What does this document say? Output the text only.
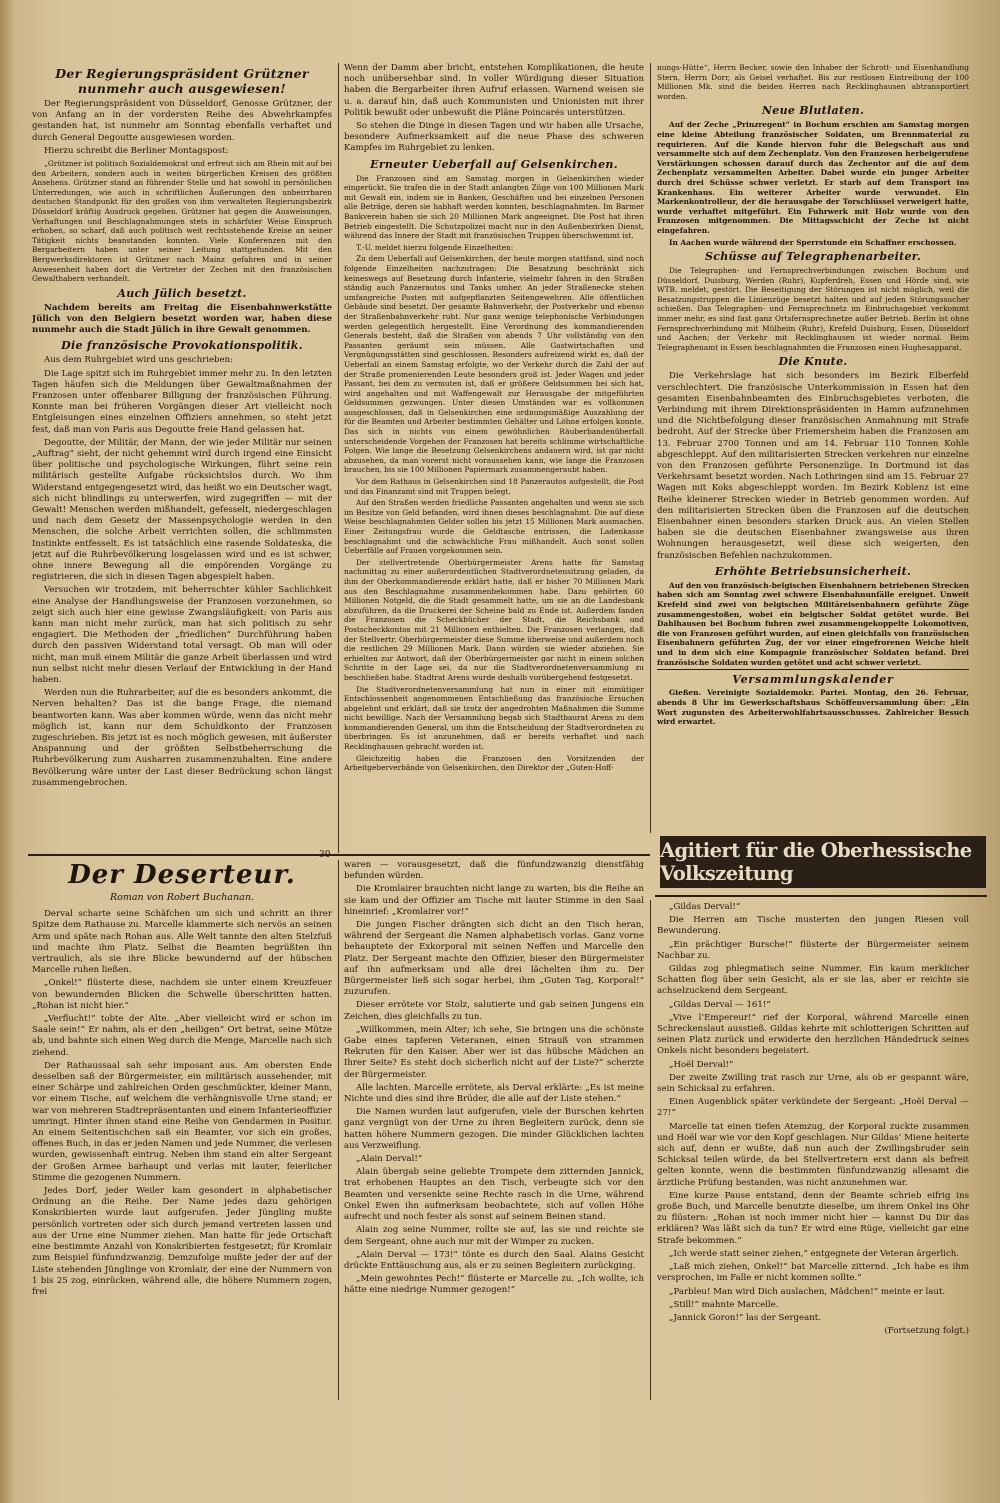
Der Regierungspräsident Grützner nunmehr auch ausgewiesen!

Der Regierungspräsident von Düsseldorf, Genosse Grützner, der von Anfang an in der vordersten Reihe des Abwehrkampfes gestanden hat, ist nunmehr am Sonntag ebenfalls verhaftet und durch General Degoutte ausgewiesen worden.

Hierzu schreibt die Berliner Montagspost:

„Grützner ist politisch Sozialdemokrat und erfreut sich am Rhein mit auf bei den Arbeitern, sondern auch in weiten bürgerlichen Kreisen des größten Ansehens. Grützner stand an führender Stelle und hat sowohl in persönlichen Unterredungen, wie auch in schriftlichen Äußerungen den unbeirrbaren deutschen Standpunkt für den großen von ihm verwalteten Regierungsbezirk Düsseldorf kräftig Ausdruck gegeben. Grützner hat gegen die Ausweisungen, Verhaftungen und Beschlagnahmungen stets in schärfster Weise Einspruch erhoben, so scharf, daß auch politisch weit rechtsstehende Kreise an seiner Tätigkeit nichts beanstanden konnten. Viele Konferenzen mit den Bergarbeitern haben unter seiner Leitung stattgefunden. Mit den Bergwerksdirektoren ist Grützner nach Mainz gefahren und in seiner Anwesenheit haben dort die Vertreter der Zechen mit den französischen Gewalthabern verhandelt.

Auch Jülich besetzt.

Nachdem bereits am Freitag die Eisenbahnwerkstätte Jülich von den Belgiern besetzt worden war, haben diese nunmehr auch die Stadt Jülich in ihre Gewalt genommen.

Die französische Provokationspolitik.

Aus dem Ruhrgebiet wird uns geschrieben:

Die Lage spitzt sich im Ruhrgebiet immer mehr zu. In den letzten Tagen häufen sich die Meldungen über Gewaltmaßnahmen der Franzosen unter offenbarer Billigung der französischen Führung. Konnte man bei früheren Vorgängen dieser Art vielleicht noch Entgleisungen eines einzelnen Offiziers annehmen, so steht jetzt fest, daß man von Paris aus Degoutte freie Hand gelassen hat.

Degoutte, der Militär, der Mann, der wie jeder Militär nur seinen „Auftrag“ sieht, der nicht gehemmt wird durch irgend eine Einsicht über politische und psychologische Wirkungen, führt seine rein militärisch gestellte Aufgabe rücksichtslos durch. Wo ihm Widerstand entgegengesetzt wird, das heißt wo ein Deutscher wagt, sich nicht blindlings zu unterwerfen, wird zugegriffen — mit der Gewalt! Menschen werden mißhandelt, gefesselt, niedergeschlagen und nach dem Gesetz der Massenpsychologie werden in den Menschen, die solche Arbeit verrichten sollen, die schlimmsten Instinkte entfesselt. Es ist tatsächlich eine rasende Soldateska, die jetzt auf die Ruhrbevölkerung losgelassen wird und es ist schwer, ohne innere Bewegung all die empörenden Vorgänge zu registrieren, die sich in diesen Tagen abgespielt haben.

Versuchen wir trotzdem, mit beherrschter kühler Sachlichkeit eine Analyse der Handlungsweise der Franzosen vorzunehmen, so zeigt sich auch hier eine gewisse Zwangsläufigkeit: von Paris aus kann man nicht mehr zurück, man hat sich politisch zu sehr engagiert. Die Methoden der „friedlichen“ Durchführung haben durch den passiven Widerstand total versagt. Ob man will oder nicht, man muß einem Militär die ganze Arbeit überlassen und wird nun selbst nicht mehr diesen Verlauf der Entwicklung in der Hand haben.

Werden nun die Ruhrarbeiter, auf die es besonders ankommt, die Nerven behalten? Das ist die bange Frage, die niemand beantworten kann. Was aber kommen würde, wenn das nicht mehr möglich ist, kann nur dem Schuldkonto der Franzosen zugeschrieben. Bis jetzt ist es noch möglich gewesen, mit äußerster Anspannung und der größten Selbstbeherrschung die Ruhrbevölkerung zum Ausharren zusammenzuhalten. Eine andere Bevölkerung wäre unter der Last dieser Bedrückung schon längst zusammengebrochen.

Wenn der Damm aber bricht, entstehen Komplikationen, die heute noch unübersehbar sind. In voller Würdigung dieser Situation haben die Bergarbeiter ihren Aufruf erlassen. Warnend weisen sie u. a. darauf hin, daß auch Kommunisten und Unionisten mit ihrer Politik bewußt oder unbewußt die Pläne Poincarés unterstützen.

So stehen die Dinge in diesen Tagen und wir haben alle Ursache, besondere Aufmerksamkeit auf die neue Phase des schweren Kampfes im Ruhrgebiet zu lenken.

Erneuter Ueberfall auf Gelsenkirchen.

Die Franzosen sind am Samstag morgen in Gelsenkirchen wieder eingerückt. Sie trafen die in der Stadt anlangten Züge von 100 Millionen Mark mit Gewalt ein, indem sie in Banken, Geschäften und bei einzelnen Personen alle Beträge, deren sie habhaft werden konnten, beschlagnahmten. Im Barmer Bankverein haben sie sich 20 Millionen Mark angeeignet. Die Post hat ihren Betrieb eingestellt. Die Schutzpolizei macht nur in den Außenbezirken Dienst, während das Innere der Stadt mit französischen Truppen überschwemmt ist.

T.-U. meldet hierzu folgende Einzelheiten:

Zu dem Ueberfall auf Gelsenkirchen, der heute morgen stattfand, sind noch folgende Einzelheiten nachzutragen: Die Besatzung beschränkt sich keineswegs auf Besetzung durch Infanterie, vielmehr fahren in den Straßen ständig auch Panzerautos und Tanks umher. An jeder Straßenecke stehen umfangreiche Posten mit aufgepflanzten Seitengewehren. Alle öffentlichen Gebäude sind besetzt. Der gesamte Bahnverkehr, der Postverkehr und ebenso der Straßenbahnverkehr ruht. Nur ganz wenige telephonische Verbindungen werden gelegentlich hergestellt. Eine Verordnung des kommandierenden Generals besteht, daß die Straßen von abends 7 Uhr vollständig von den Passanten geräumt sein müssen. Alle Gastwirtschaften und Vergnügungsstätten sind geschlossen. Besonders aufreizend wirkt es, daß der Ueberfall an einem Samstag erfolgte, wo der Verkehr durch die Zahl der auf der Straße promenierenden Leute besonders groß ist. Jeder Wagen und jeder Passant, bei dem zu vermuten ist, daß er größere Geldsummen bei sich hat, wird angehalten und mit Waffengewalt zur Herausgabe der mitgeführten Geldsummen gezwungen. Unter diesen Umständen war es vollkommen ausgeschlossen, daß in Gelsenkirchen eine ordnungsmäßige Auszahlung der für die Beamten und Arbeiter bestimmten Gehälter und Löhne erfolgen konnte. Das sich in nichts von einem gewöhnlichen Räuberbandenüberfall unterscheidende Vorgehen der Franzosen hat bereits schlimme wirtschaftliche Folgen. Wie lange die Besetzung Gelsenkirchens andauern wird, ist gar nicht abzusehen, da man vorerst nicht voraussehen kann, wie lange die Franzosen brauchen, bis sie 100 Millionen Papiermark zusammengeraubt haben.

Vor dem Rathaus in Gelsenkirchen sind 18 Panzerautos aufgestellt, die Post und das Finanzamt sind mit Truppen belegt.

Auf den Straßen werden friedliche Passanten angehalten und wenn sie sich im Besitze von Geld befanden, wird ihnen dieses beschlagnahmt. Die auf diese Weise beschlagnahmten Gelder sollen bis jetzt 15 Millionen Mark ausmachen. Einer Zeitungsfrau wurde die Geldtasche entrissen, die Ladenkasse beschlagnahmt und die schwächliche Frau mißhandelt. Auch sonst sollen Ueberfälle auf Frauen vorgekommen sein.

Der stellvertretende Oberbürgermeister Arens hatte für Samstag nachmittag zu einer außerordentlichen Stadtverordnetensitzung geladen, da ihm der Oberkommandierende erklärt hatte, daß er bisher 70 Millionen Mark aus den Beschlagnahme zusammenbekommen habe. Dazu gehörten 60 Millionen Notgeld, die die Stadt gesammelt hatte, um sie an die Landesbank abzuführen, da die Druckerei der Scheine bald zu Ende ist. Außerdem fanden die Franzosen die Scheckbücher der Stadt, die Reichsbank und Postscheckkontos mit 21 Millionen enthielten. Die Franzosen verlangen, daß der Stellvertr. Oberbürgermeister diese Summe überweise und außerdem noch die restlichen 29 Millionen Mark. Dann würden sie wieder abziehen. Sie erhielten zur Antwort, daß der Oberbürgermeister gar nicht in einem solchen Schritte in der Lage sei, da nur die Stadtverordnetenversammlung zu beschließen habe. Stadtrat Arens wurde deshalb vorübergehend festgesetzt.

Die Stadtverordnetenversammlung hat nun in einer mit einmütiger Entschlossenheit angenommenen Entschließung das französische Ersuchen abgelehnt und erklärt, daß sie trotz der angedrohten Maßnahmen die Summe nicht bewillige. Nach der Versammlung begab sich Stadtbaurat Arens zu dem kommandierenden General, um ihm die Entscheidung der Stadtverordneten zu überbringen. Es ist anzunehmen, daß er bereits verhaftet und nach Recklinghausen gebracht worden ist.

Gleichzeitig haben die Franzosen den Vorsitzenden der Arbeitgeberverbände von Gelsenkirchen, den Direktor der „Guten-Hoff-

nungs-Hütte“, Herrn Becker, sowie den Inhaber der Schrott- und Eisenhandlung Stern, Herrn Dorr, als Geisel verhaftet. Bis zur restlosen Eintreibung der 100 Millionen Mk. sind die beiden Herren nach Recklinghausen abtransportiert worden.

Neue Blutlaten.

Auf der Zeche „Prinzregent“ in Bochum erschien am Samstag morgen eine kleine Abteilung französischer Soldaten, um Brennmaterial zu requirieren. Auf die Kunde hiervon fuhr die Belegschaft aus und versammelte sich auf dem Zechenplatz. Von den Franzosen herbeigerufene Verstärkungen schossen darauf durch das Zechentor auf die auf dem Zechenplatz versammelten Arbeiter. Dabei wurde ein junger Arbeiter durch drei Schüsse schwer verletzt. Er starb auf dem Transport ins Krankenhaus. Ein weiterer Arbeiter wurde verwundet. Ein Markenkontrolleur, der die herausgabe der Torschlüssel verweigert hatte, wurde verhaftet mitgeführt. Ein Fuhrwerk mit Holz wurde von den Franzosen mitgenommen. Die Mittagsschicht der Zeche ist nicht eingefahren.

In Aachen wurde während der Sperrstunde ein Schaffner erschossen.

Schüsse auf Telegraphenarbeiter.

Die Telegraphen- und Fernsprechverbindungen zwischen Bochum und Düsseldorf, Duisburg, Werden (Ruhr), Kupferdreh, Essen und Hörde sind, wie WTB. meldet, gestört. Die Beseitigung der Störungen ist nicht möglich, weil die Besatzungstruppen die Linienzüge besetzt halten und auf jeden Störungssucher schießen. Das Telegraphen- und Fernsprechnetz im Einbruchsgebiet verkommt immer mehr, es sind fast ganz Ortsfernsprechnetze außer Betrieb. Berlin ist ohne Fernsprechverbindung mit Mülheim (Ruhr), Krefeld Duisburg, Essen, Düsseldorf und Aachen; der Verkehr mit Recklinghausen ist wieder normal. Beim Telegraphenamt in Essen beschlagnahmten die Franzosen einen Hughesapparat.

Die Knute.

Die Verkehrslage hat sich besonders im Bezirk Elberfeld verschlechtert. Die französische Unterkommission in Essen hat den gesamten Eisenbahnbeamten des Einbruchsgebietes verboten, die Verbindung mit ihrem Direktionspräsidenten in Hamm aufzunehmen und die Nichtbefolgung dieser französischen Anmahnung mit Strafe bedroht. Auf der Strecke über Friemersheim haben die Franzosen am 13. Februar 2700 Tonnen und am 14. Februar 110 Tonnen Kohle abgeschleppt. Auf den militarisierten Strecken verkehren nur einzelne von den Franzosen geführte Personenzüge. In Dortmund ist das Verkehrsamt besetzt worden. Nach Lothringen sind am 15. Februar 27 Wagen mit Koks abgeschleppt worden. Im Bezirk Koblenz ist eine Reihe kleinerer Strecken wieder in Betrieb genommen worden. Auf den militarisierten Strecken üben die Franzosen auf die deutschen Eisenbahner einen besonders starken Druck aus. An vielen Stellen haben sie die deutschen Eisenbahner zwangsweise aus ihren Wohnungen herausgesetzt, weil diese sich weigerten, den französischen Befehlen nachzukommen.

Erhöhte Betriebsunsicherheit.

Auf den von französisch-belgischen Eisenbahnern betriebenen Strecken haben sich am Sonntag zwei schwere Eisenbahnunfälle ereignet. Unweit Krefeld sind zwei von belgischen Militäreisenbahnern geführte Züge zusammengestoßen, wobei ein belgischer Soldat getötet wurde. Bei Dahlhausen bei Bochum fuhren zwei zusammengekoppelte Lokomotiven, die von Franzosen geführt wurden, auf einen gleichfalls von französischen Eisenbahnern geführten Zug, der vor einer eingefrorenen Weiche hielt und in dem sich eine Kompagnie französischer Soldaten befand. Drei französische Soldaten wurden getötet und acht schwer verletzt.

Versammlungskalender

Gießen. Vereinigte Sozialdemokr. Partei. Montag, den 26. Februar, abends 8 Uhr im Gewerkschaftshaus Schöffenversammlung über: „Ein Wort zugunsten des Arbeiterwohlfahrtsausschusses. Zahlreicher Besuch wird erwartet.

Agitiert für die Oberhessische Volkszeitung
Der Deserteur.
Roman von Robert Buchanan.

Derval scharte seine Schäfchen um sich und schritt an ihrer Spitze dem Rathause zu. Marcelle klammerte sich nervös an seinen Arm und späte nach Rohan aus. Alle Welt tannte den alten Stelzfuß und machte ihm Platz. Selbst die Beamten begrüßten ihn vertraulich, als sie ihre Blicke bewundernd auf der hübschen Marcelle ruhen ließen.

„Onkel!“ flüsterte diese, nachdem sie unter einem Kreuzfeuer von bewundernden Blicken die Schwelle überschritten hatten. „Rohan ist nicht hier.“

„Verflucht!“ tobte der Alte. „Aber vielleicht wird er schon im Saale sein!“ Er nahm, als er den „heiligen“ Ort betrat, seine Mütze ab, und bahnte sich einen Weg durch die Menge, Marcelle nach sich ziehend.

Der Rathaussaal sah sehr imposant aus. Am obersten Ende desselben saß der Bürgermeister, ein militärisch aussehender, mit einer Schärpe und zahlreichen Orden geschmückter, kleiner Mann, vor einem Tische, auf welchem die verhängnisvolle Urne stand; er war von mehreren Stadtrepräsentanten und einem Infanterieoffizier umringt. Hinter ihnen stand eine Reihe von Gendarmen in Positur. An einem Seitentischchen saß ein Beamter, vor sich ein großes, offenes Buch, in das er jeden Namen und jede Nummer, die verlesen wurden, gewissenhaft eintrug. Neben ihm stand ein alter Sergeant der Großen Armee barhaupt und verlas mit lauter, feierlicher Stimme die gezogenen Nummern.

Jedes Dorf, jeder Weiler kam gesondert in alphabetischer Ordnung an die Reihe. Der Name jedes dazu gehörigen Konskribierten wurde laut aufgerufen. Jeder Jüngling mußte persönlich vortreten oder sich durch jemand vertreten lassen und aus der Urne eine Nummer ziehen. Man hatte für jede Ortschaft eine bestimmte Anzahl von Konskribierten festgesetzt; für Kromlair zum Beispiel fünfundzwanzig. Demzufolge mußte jeder der auf der Liste stehenden Jünglinge von Kromlair, der eine der Nummern von 1 bis 25 zog, einrücken, während alle, die höhere Nummern zogen, frei

30

waren — vorausgesetzt, daß die fünfundzwanzig dienstfähig befunden würden.

Die Kromlairer brauchten nicht lange zu warten, bis die Reihe an sie kam und der Offizier am Tische mit lauter Stimme in den Saal hineinrief: „Kromlairer vor!“

Die jungen Fischer drängten sich dicht an den Tisch heran, während der Sergeant die Namen alphabetisch vorlas. Ganz vorne behauptete der Exkorporal mit seinen Neffen und Marcelle den Platz. Der Sergeant machte den Offizier, bieser den Bürgermeister auf ihn aufmerksam und alle drei lächelten ihm zu. Der Bürgermeister ließ sich sogar herbei, ihm „Guten Tag, Korporal!“ zuzurufen.

Dieser errötete vor Stolz, salutierte und gab seinen Jungens ein Zeichen, dies gleichfalls zu tun.

„Willkommen, mein Alter; ich sehe, Sie bringen uns die schönste Gabe eines tapferen Veteranen, einen Strauß von strammen Rekruten für den Kaiser. Aber wer ist das hübsche Mädchen an Ihrer Seite? Es steht doch sicherlich nicht auf der Liste?“ scherzte der Bürgermeister.

Alle lachten. Marcelle errötete, als Derval erklärte: „Es ist meine Nichte und dies sind ihre Brüder, die alle auf der Liste stehen.“

Die Namen wurden laut aufgerufen, viele der Burschen kehrten ganz vergnügt von der Urne zu ihren Begleitern zurück, denn sie hatten höhere Nummern gezogen. Die minder Glücklichen lachten aus Verzweiflung.

„Alain Derval!“

Alain übergab seine geliebte Trompete dem zitternden Jannick, trat erhobenen Hauptes an den Tisch, verbeugte sich vor den Beamten und versenkte seine Rechte rasch in die Urne, während Onkel Ewen ihn aufmerksam beobachtete, sich auf vollen Höhe aufrecht und noch fester als sonst auf seinem Beinen stand.

Alain zog seine Nummer, rollte sie auf, las sie und reichte sie dem Sergeant, ohne auch nur mit der Wimper zu zucken.

„Alain Derval — 173!“ tönte es durch den Saal. Alains Gesicht drückte Enttäuschung aus, als er zu seinen Begleitern zurückging.

„Mein gewohntes Pech!“ flüsterte er Marcelle zu. „Ich wollte, ich hätte eine niedrige Nummer gezogen!“

„Gildas Derval!“

Die Herren am Tische musterten den jungen Riesen voll Bewunderung.

„Ein prächtiger Bursche!“ flüsterte der Bürgermeister seinem Nachbar zu.

Gildas zog phlegmatisch seine Nummer. Ein kaum merklicher Schatten flog über sein Gesicht, als er sie las, aber er reichte sie achselzuckend dem Sergeant.

„Gildas Derval — 161!“

„Vive l’Empereur!“ rief der Korporal, während Marcelle einen Schreckenslaut ausstieß. Gildas kehrte mit schlotterigen Schritten auf seinen Platz zurück und erwiderte den herzlichen Händedruck seines Onkels nicht besonders begeistert.

„Hoël Derval!“

Der zweite Zwilling trat rasch zur Urne, als ob er gespannt wäre, sein Schicksal zu erfahren.

Einen Augenblick später verkündete der Sergeant: „Hoël Derval — 27!“

Marcelle tat einen tiefen Atemzug, der Korporal zuckte zusammen und Hoël war wie vor den Kopf geschlagen. Nur Gildas’ Miene heiterte sich auf, denn er wußte, daß nun auch der Zwillingsbruder sein Schicksal teilen würde, da bei Stellvertretern erst dann als befreit gelten konnte, wenn die bestimmten fünfundzwanzig allesamt die ärztliche Prüfung bestanden, was nicht anzunehmen war.

Eine kurze Pause entstand, denn der Beamte schrieb eifrig ins große Buch, und Marcelle benutzte dieselbe, um ihrem Onkel ins Ohr zu flüstern: „Rohan ist noch immer nicht hier — kannst Du Dir das erklären? Was läßt sich da tun? Er wird eine Rüge, vielleicht gar eine Strafe bekommen.“

„Ich werde statt seiner ziehen,“ entgegnete der Veteran ärgerlich.

„Laß mich ziehen, Onkel!“ bat Marcelle zitternd. „Ich habe es ihm versprochen, im Falle er nicht kommen sollte.“

„Parbleu! Man wird Dich auslachen, Mädchen!“ meinte er laut.

„Still!“ mahnte Marcelle.

„Jannick Goron!“ las der Sergeant.

(Fortsetzung folgt.)
